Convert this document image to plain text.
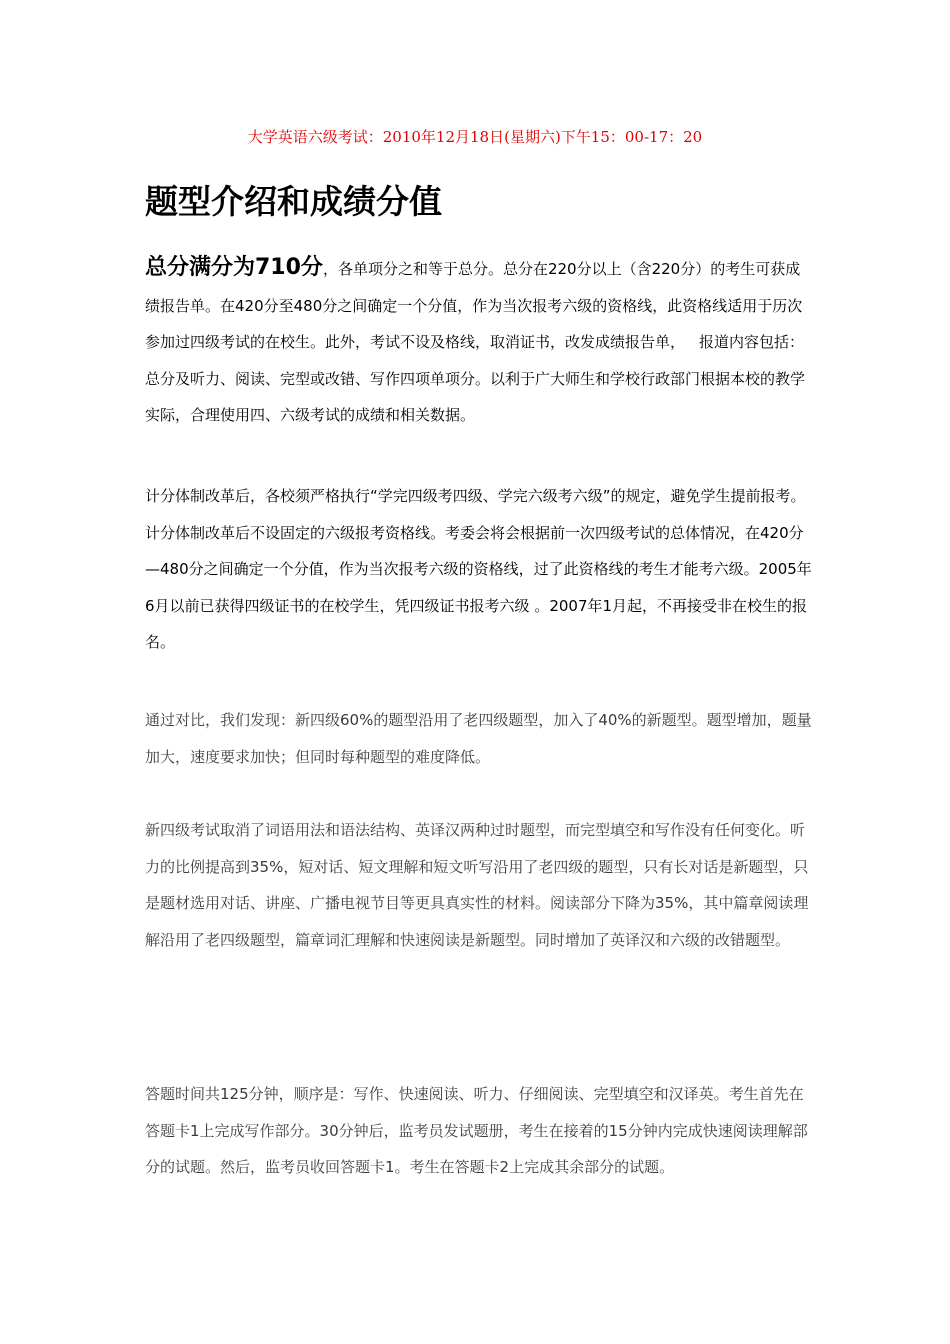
大学英语六级考试：2010年12月18日(星期六)下午15：00-17：20
题型介绍和成绩分值

总分满分为710分，各单项分之和等于总分。总分在220分以上（含220分）的考生可获成绩报告单。在420分至480分之间确定一个分值，作为当次报考六级的资格线，此资格线适用于历次参加过四级考试的在校生。此外，考试不设及格线，取消证书，改发成绩报告单， 报道内容包括：总分及听力、阅读、完型或改错、写作四项单项分。以利于广大师生和学校行政部门根据本校的教学实际，合理使用四、六级考试的成绩和相关数据。

计分体制改革后，各校须严格执行“学完四级考四级、学完六级考六级”的规定，避免学生提前报考。计分体制改革后不设固定的六级报考资格线。考委会将会根据前一次四级考试的总体情况，在420分—480分之间确定一个分值，作为当次报考六级的资格线，过了此资格线的考生才能考六级。2005年6月以前已获得四级证书的在校学生，凭四级证书报考六级 。2007年1月起，不再接受非在校生的报名。

通过对比，我们发现：新四级60%的题型沿用了老四级题型，加入了40%的新题型。题型增加，题量加大，速度要求加快；但同时每种题型的难度降低。

新四级考试取消了词语用法和语法结构、英译汉两种过时题型，而完型填空和写作没有任何变化。听力的比例提高到35%，短对话、短文理解和短文听写沿用了老四级的题型，只有长对话是新题型，只是题材选用对话、讲座、广播电视节目等更具真实性的材料。阅读部分下降为35%，其中篇章阅读理解沿用了老四级题型，篇章词汇理解和快速阅读是新题型。同时增加了英译汉和六级的改错题型。

答题时间共125分钟，顺序是：写作、快速阅读、听力、仔细阅读、完型填空和汉译英。考生首先在答题卡1上完成写作部分。30分钟后，监考员发试题册，考生在接着的15分钟内完成快速阅读理解部分的试题。然后，监考员收回答题卡1。考生在答题卡2上完成其余部分的试题。
